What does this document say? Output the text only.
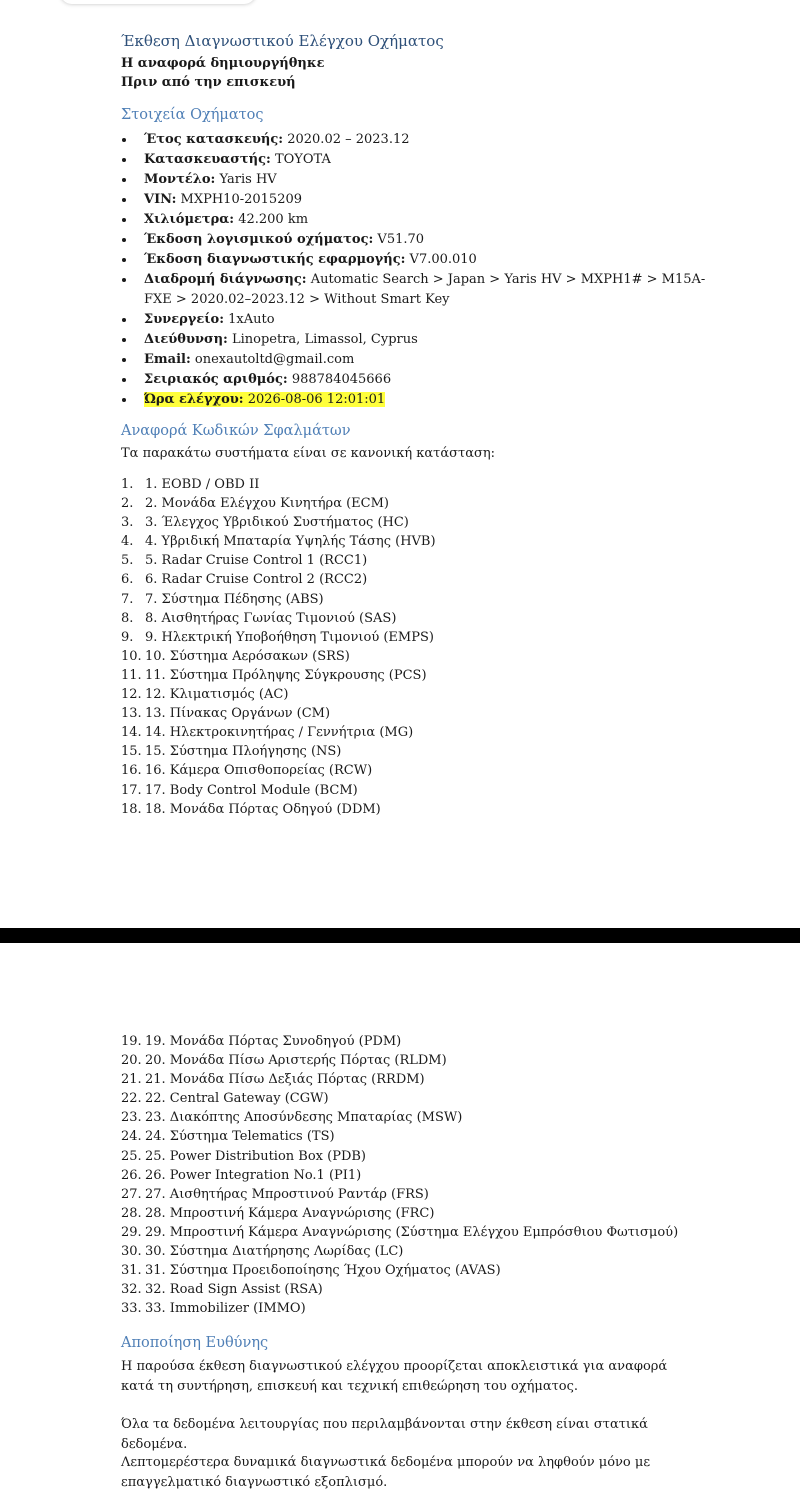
Έκθεση Διαγνωστικού Ελέγχου Οχήματος

Η αναφορά δημιουργήθηκε

Πριν από την επισκευή

Στοιχεία Οχήματος
Έτος κατασκευής: 2020.02 – 2023.12
Κατασκευαστής: TOYOTA
Μοντέλο: Yaris HV
VIN: MXPH10-2015209
Χιλιόμετρα: 42.200 km
Έκδοση λογισμικού οχήματος: V51.70
Έκδοση διαγνωστικής εφαρμογής: V7.00.010
Διαδρομή διάγνωσης: Automatic Search > Japan > Yaris HV > MXPH1# > M15A-FXE > 2020.02–2023.12 > Without Smart Key
Συνεργείο: 1xAuto
Διεύθυνση: Linopetra, Limassol, Cyprus
Email: onexautoltd@gmail.com
Σειριακός αριθμός: 988784045666
Ώρα ελέγχου: 2026-08-06 12:01:01
Αναφορά Κωδικών Σφαλμάτων

Τα παρακάτω συστήματα είναι σε κανονική κατάσταση:

1. 1. EOBD / OBD II
2. 2. Μονάδα Ελέγχου Κινητήρα (ECM)
3. 3. Έλεγχος Υβριδικού Συστήματος (HC)
4. 4. Υβριδική Μπαταρία Υψηλής Τάσης (HVB)
5. 5. Radar Cruise Control 1 (RCC1)
6. 6. Radar Cruise Control 2 (RCC2)
7. 7. Σύστημα Πέδησης (ABS)
8. 8. Αισθητήρας Γωνίας Τιμονιού (SAS)
9. 9. Ηλεκτρική Υποβοήθηση Τιμονιού (EMPS)
10. 10. Σύστημα Αερόσακων (SRS)
11. 11. Σύστημα Πρόληψης Σύγκρουσης (PCS)
12. 12. Κλιματισμός (AC)
13. 13. Πίνακας Οργάνων (CM)
14. 14. Ηλεκτροκινητήρας / Γεννήτρια (MG)
15. 15. Σύστημα Πλοήγησης (NS)
16. 16. Κάμερα Οπισθοπορείας (RCW)
17. 17. Body Control Module (BCM)
18. 18. Μονάδα Πόρτας Οδηγού (DDM)
19. 19. Μονάδα Πόρτας Συνοδηγού (PDM)
20. 20. Μονάδα Πίσω Αριστερής Πόρτας (RLDM)
21. 21. Μονάδα Πίσω Δεξιάς Πόρτας (RRDM)
22. 22. Central Gateway (CGW)
23. 23. Διακόπτης Αποσύνδεσης Μπαταρίας (MSW)
24. 24. Σύστημα Telematics (TS)
25. 25. Power Distribution Box (PDB)
26. 26. Power Integration No.1 (PI1)
27. 27. Αισθητήρας Μπροστινού Ραντάρ (FRS)
28. 28. Μπροστινή Κάμερα Αναγνώρισης (FRC)
29. 29. Μπροστινή Κάμερα Αναγνώρισης (Σύστημα Ελέγχου Εμπρόσθιου Φωτισμού)
30. 30. Σύστημα Διατήρησης Λωρίδας (LC)
31. 31. Σύστημα Προειδοποίησης Ήχου Οχήματος (AVAS)
32. 32. Road Sign Assist (RSA)
33. 33. Immobilizer (IMMO)
Αποποίηση Ευθύνης

Η παρούσα έκθεση διαγνωστικού ελέγχου προορίζεται αποκλειστικά για αναφορά κατά τη συντήρηση, επισκευή και τεχνική επιθεώρηση του οχήματος.

Όλα τα δεδομένα λειτουργίας που περιλαμβάνονται στην έκθεση είναι στατικά δεδομένα.

Λεπτομερέστερα δυναμικά διαγνωστικά δεδομένα μπορούν να ληφθούν μόνο με επαγγελματικό διαγνωστικό εξοπλισμό.
